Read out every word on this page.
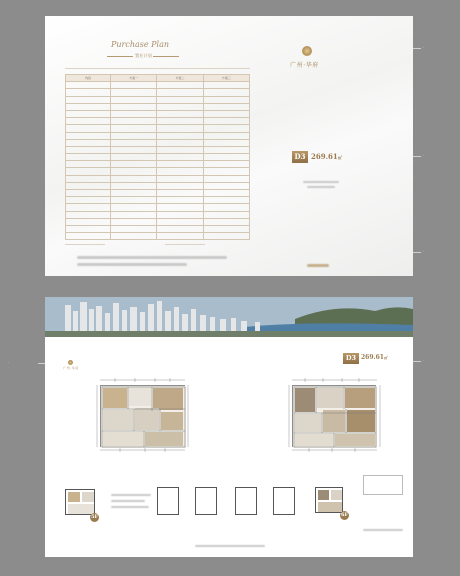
·
·
·
·	·
Purchase Plan
置业计划
内容	方案一	方案二	方案三

广州·华府
D3 269.61㎡
广州·华府
D3 269.61㎡
5F	6F
